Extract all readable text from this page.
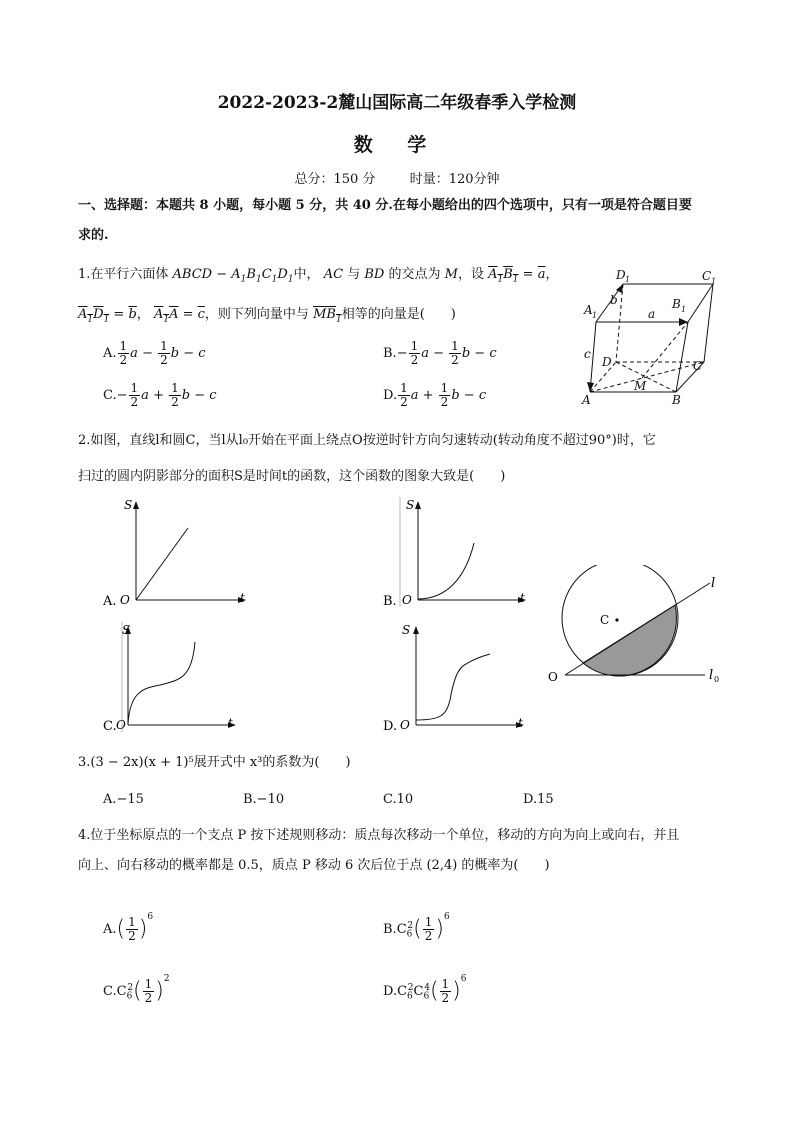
2022-2023-2麓山国际高二年级春季入学检测
数 学
总分：150 分	时量：120分钟
一、选择题：本题共 8 小题，每小题 5 分，共 40 分.在每小题给出的四个选项中，只有一项是符合题目要
求的.
1.在平行六面体 ABCD − $A_1B_1C_1D_1$中， AC 与 BD 的交点为 M，设 $A_1B_1 = \overline{a}$，
$A_1D_1 = \overline{b}$， $A_1A = \overline{c}$，则下列向量中与 $MB_1$相等的向量是(　　)
A. $\frac{1}{2}$ $a - \frac{1}{2}$ b − c	$B.- \frac{1}{2}$ $a - \frac{1}{2}$ b − c
$C.- \frac{1}{2}$ $a + \frac{1}{2}$ b − c	D. $\frac{1}{2}$ $a + \frac{1}{2}$ b − c
D 1	C 1
A 1
B 1
b
a
c
D	C
M
A	B
2.如图，直线l和圆C，当l从l₀开始在平面上绕点O按逆时针方向匀速转动(转动角度不超过90°)时，它
扫过的圆内阴影部分的面积S是时间t的函数，这个函数的图象大致是(　　)
A. O
S
t	B. O
S
t
C. O
S
t	D. O
S
t
C
O
l
l 0
3.(3 − 2x)(x + 1)⁵展开式中 x³的系数为(　　)
A.−15	B.−10	C.10	D.15
4.位于坐标原点的一个支点 P 按下述规则移动：质点每次移动一个单位，移动的方向为向上或向右，并且
向上、向右移动的概率都是 0.5，质点 P 移动 6 次后位于点 (2,4) 的概率为(　　)
$A.( \frac{1}{2} )^6$
$B.C_6^2( \frac{1}{2} )^6$
$C.C_6^2( \frac{1}{2} )^2$
$D.C_6^2C_6^4( \frac{1}{2} )^6$
